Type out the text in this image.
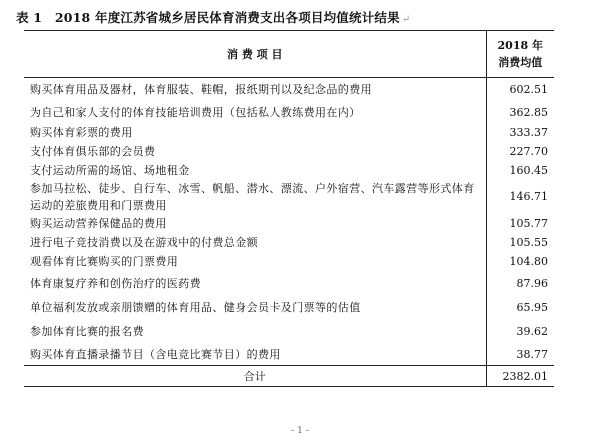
表 1　2018 年度江苏省城乡居民体育消费支出各项目均值统计结果 ↵
消 费 项 目	2018 年
消费均值

购买体育用品及器材，体育服装、鞋帽，报纸期刊以及纪念品的费用	602.51
为自己和家人支付的体育技能培训费用（包括私人教练费用在内）	362.85
购买体育彩票的费用	333.37
支付体育俱乐部的会员费	227.70
支付运动所需的场馆、场地租金	160.45
参加马拉松、徒步、自行车、冰雪、帆船、潜水、漂流、户外宿营、汽车露营等形式体育运动的差旅费用和门票费用	146.71
购买运动营养保健品的费用	105.77
进行电子竞技消费以及在游戏中的付费总金额	105.55
观看体育比赛购买的门票费用	104.80
体育康复疗养和创伤治疗的医药费	87.96
单位福利发放或亲朋馈赠的体育用品、健身会员卡及门票等的估值	65.95
参加体育比赛的报名费	39.62
购买体育直播录播节目（含电竞比赛节目）的费用	38.77
合计	2382.01
- 1 -
